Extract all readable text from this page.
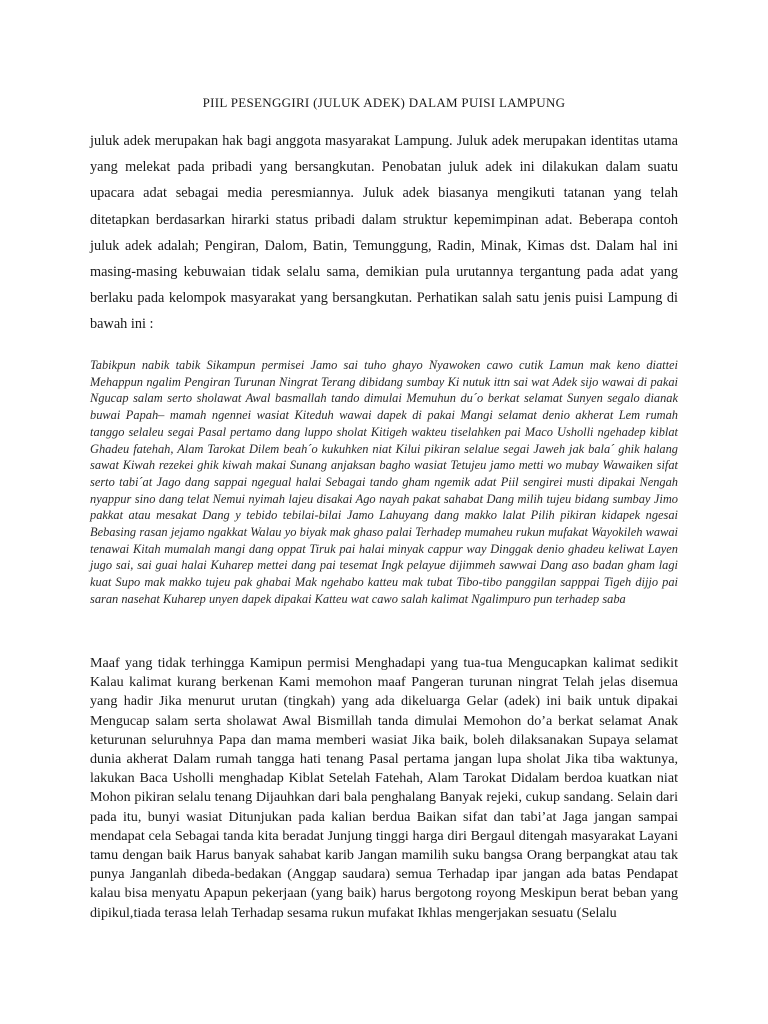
PIIL PESENGGIRI (JULUK ADEK) DALAM PUISI LAMPUNG

juluk adek merupakan hak bagi anggota masyarakat Lampung. Juluk adek merupakan identitas utama yang melekat pada pribadi yang bersangkutan. Penobatan juluk adek ini dilakukan dalam suatu upacara adat sebagai media peresmiannya. Juluk adek biasanya mengikuti tatanan yang telah ditetapkan berdasarkan hirarki status pribadi dalam struktur kepemimpinan adat. Beberapa contoh juluk adek adalah; Pengiran, Dalom, Batin, Temunggung, Radin, Minak, Kimas dst. Dalam hal ini masing-masing kebuwaian tidak selalu sama, demikian pula urutannya tergantung pada adat yang berlaku pada kelompok masyarakat yang bersangkutan. Perhatikan salah satu jenis puisi Lampung di bawah ini :

Tabikpun nabik tabik Sikampun permisei Jamo sai tuho ghayo Nyawoken cawo cutik Lamun mak keno diattei Mehappun ngalim Pengiran Turunan Ningrat Terang dibidang sumbay Ki nutuk ittn sai wat Adek sijo wawai di pakai Ngucap salam serto sholawat Awal basmallah tando dimulai Memuhun du´o berkat selamat Sunyen segalo dianak buwai Papah– mamah ngennei wasiat Kiteduh wawai dapek di pakai Mangi selamat denio akherat Lem rumah tanggo selaleu segai Pasal pertamo dang luppo sholat Kitigeh wakteu tiselahken pai Maco Usholli ngehadep kiblat Ghadeu fatehah, Alam Tarokat Dilem beah´o kukuhken niat Kilui pikiran selalue segai Jaweh jak bala´ ghik halang sawat Kiwah rezekei ghik kiwah makai Sunang anjaksan bagho wasiat Tetujeu jamo metti wo mubay Wawaiken sifat serto tabi´at Jago dang sappai ngegual halai Sebagai tando gham ngemik adat Piil sengirei musti dipakai Nengah nyappur sino dang telat Nemui nyimah lajeu disakai Ago nayah pakat sahabat Dang milih tujeu bidang sumbay Jimo pakkat atau mesakat Dang y tebido tebilai-bilai Jamo Lahuyang dang makko lalat Pilih pikiran kidapek ngesai Bebasing rasan jejamo ngakkat Walau yo biyak mak ghaso palai Terhadep mumaheu rukun mufakat Wayokileh wawai tenawai Kitah mumalah mangi dang oppat Tiruk pai halai minyak cappur way Dinggak denio ghadeu keliwat Layen jugo sai, sai guai halai Kuharep mettei dang pai tesemat Ingk pelayue dijimmeh sawwai Dang aso badan gham lagi kuat Supo mak makko tujeu pak ghabai Mak ngehabo katteu mak tubat Tibo-tibo panggilan sapppai Tigeh dijjo pai saran nasehat Kuharep unyen dapek dipakai Katteu wat cawo salah kalimat Ngalimpuro pun terhadep saba

Maaf yang tidak terhingga Kamipun permisi Menghadapi yang tua-tua Mengucapkan kalimat sedikit Kalau kalimat kurang berkenan Kami memohon maaf Pangeran turunan ningrat Telah jelas disemua yang hadir Jika menurut urutan (tingkah) yang ada dikeluarga Gelar (adek) ini baik untuk dipakai Mengucap salam serta sholawat Awal Bismillah tanda dimulai Memohon do’a berkat selamat Anak keturunan seluruhnya Papa dan mama memberi wasiat Jika baik, boleh dilaksanakan Supaya selamat dunia akherat Dalam rumah tangga hati tenang Pasal pertama jangan lupa sholat Jika tiba waktunya, lakukan Baca Usholli menghadap Kiblat Setelah Fatehah, Alam Tarokat Didalam berdoa kuatkan niat Mohon pikiran selalu tenang Dijauhkan dari bala penghalang Banyak rejeki, cukup sandang. Selain dari pada itu, bunyi wasiat Ditunjukan pada kalian berdua Baikan sifat dan tabi’at Jaga jangan sampai mendapat cela Sebagai tanda kita beradat Junjung tinggi harga diri Bergaul ditengah masyarakat Layani tamu dengan baik Harus banyak sahabat karib Jangan mamilih suku bangsa Orang berpangkat atau tak punya Janganlah dibeda-bedakan (Anggap saudara) semua Terhadap ipar jangan ada batas Pendapat kalau bisa menyatu Apapun pekerjaan (yang baik) harus bergotong royong Meskipun berat beban yang dipikul,tiada terasa lelah Terhadap sesama rukun mufakat Ikhlas mengerjakan sesuatu (Selalu
